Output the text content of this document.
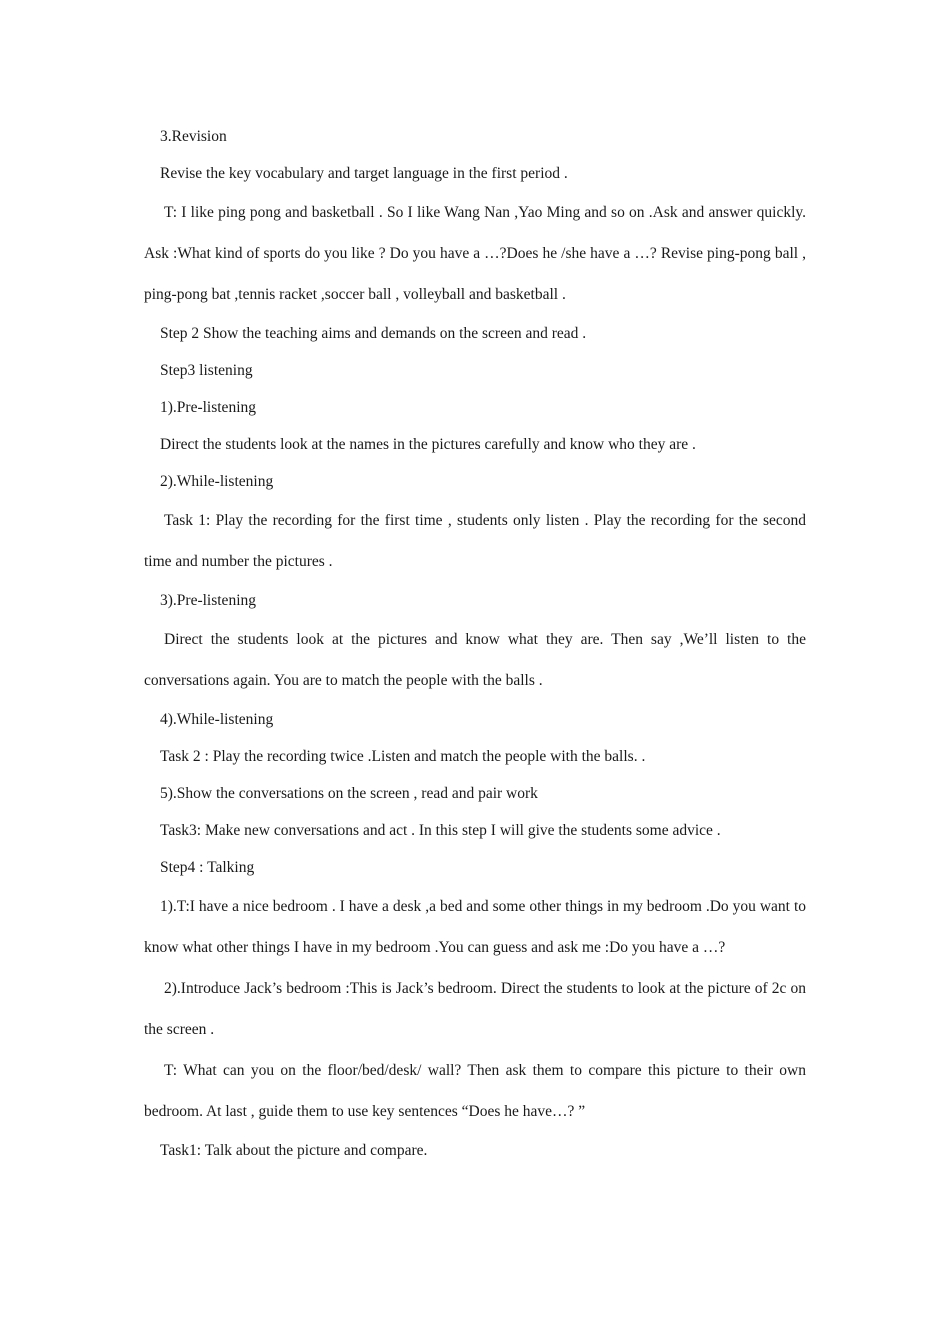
3.Revision

Revise the key vocabulary and target language in the first period .

T: I like ping pong and basketball . So I like Wang Nan ,Yao Ming and so on .Ask and answer quickly. Ask :What kind of sports do you like ? Do you have a …?Does he /she have a …? Revise ping-pong ball , ping-pong bat ,tennis racket ,soccer ball , volleyball and basketball .

Step 2 Show the teaching aims and demands on the screen and read .

Step3 listening

1).Pre-listening

Direct the students look at the names in the pictures carefully and know who they are .

2).While-listening

Task 1: Play the recording for the first time , students only listen . Play the recording for the second time and number the pictures .

3).Pre-listening

Direct the students look at the pictures and know what they are. Then say ,We’ll listen to the conversations again. You are to match the people with the balls .

4).While-listening

Task 2 : Play the recording twice .Listen and match the people with the balls. .

5).Show the conversations on the screen , read and pair work

Task3: Make new conversations and act . In this step I will give the students some advice .

Step4 : Talking

1).T:I have a nice bedroom . I have a desk ,a bed and some other things in my bedroom .Do you want to know what other things I have in my bedroom .You can guess and ask me :Do you have a …?

2).Introduce Jack’s bedroom :This is Jack’s bedroom. Direct the students to look at the picture of 2c on the screen .

T: What can you on the floor/bed/desk/ wall? Then ask them to compare this picture to their own bedroom. At last , guide them to use key sentences “Does he have…? ”

Task1: Talk about the picture and compare.
